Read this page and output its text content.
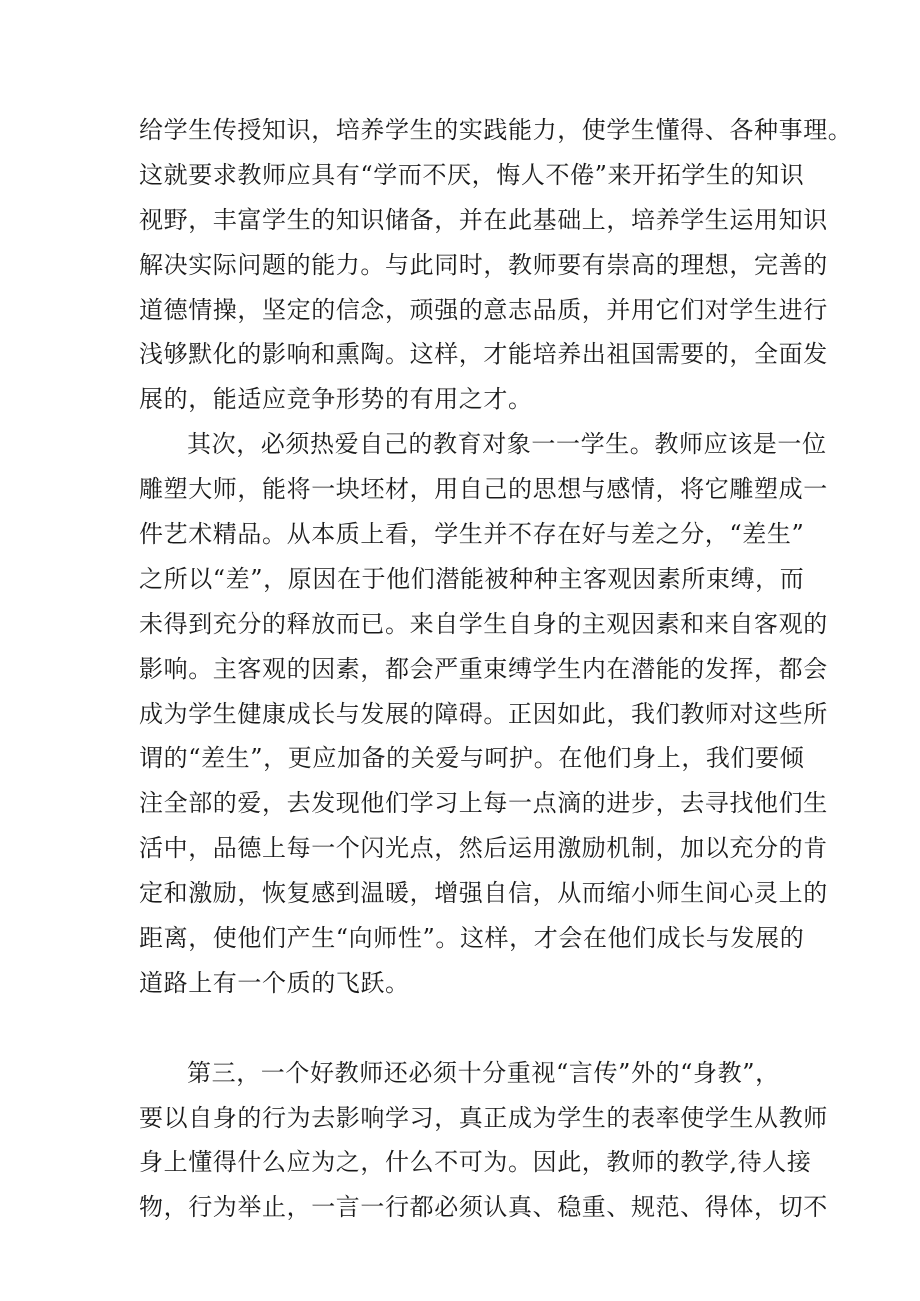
给学生传授知识，培养学生的实践能力，使学生懂得、各种事理。
这就要求教师应具有“学而不厌，悔人不倦”来开拓学生的知识
视野，丰富学生的知识储备，并在此基础上，培养学生运用知识
解决实际问题的能力。与此同时，教师要有崇高的理想，完善的
道德情操，坚定的信念，顽强的意志品质，并用它们对学生进行
浅够默化的影响和熏陶。这样，才能培养出祖国需要的，全面发
展的，能适应竞争形势的有用之才。
其次，必须热爱自己的教育对象一一学生。教师应该是一位
雕塑大师，能将一块坯材，用自己的思想与感情，将它雕塑成一
件艺术精品。从本质上看，学生并不存在好与差之分，“差生”
之所以“差”，原因在于他们潜能被种种主客观因素所束缚，而
未得到充分的释放而已。来自学生自身的主观因素和来自客观的
影响。主客观的因素，都会严重束缚学生内在潜能的发挥，都会
成为学生健康成长与发展的障碍。正因如此，我们教师对这些所
谓的“差生”，更应加备的关爱与呵护。在他们身上，我们要倾
注全部的爱，去发现他们学习上每一点滴的进步，去寻找他们生
活中，品德上每一个闪光点，然后运用激励机制，加以充分的肯
定和激励，恢复感到温暖，增强自信，从而缩小师生间心灵上的
距离，使他们产生“向师性”。这样，才会在他们成长与发展的
道路上有一个质的飞跃。
第三，一个好教师还必须十分重视“言传”外的“身教”，
要以自身的行为去影响学习，真正成为学生的表率使学生从教师
身上懂得什么应为之，什么不可为。因此，教师的教学,待人接
物，行为举止，一言一行都必须认真、稳重、规范、得体，切不
